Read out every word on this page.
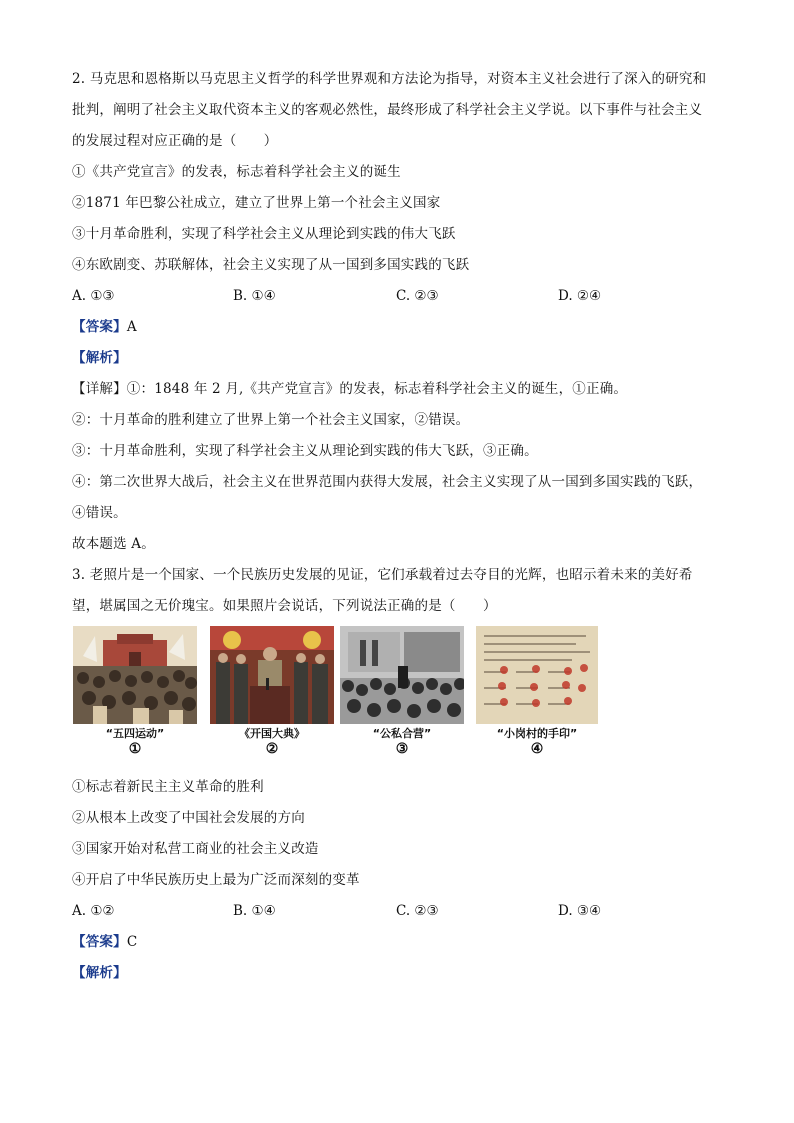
2. 马克思和恩格斯以马克思主义哲学的科学世界观和方法论为指导，对资本主义社会进行了深入的研究和
批判，阐明了社会主义取代资本主义的客观必然性，最终形成了科学社会主义学说。以下事件与社会主义
的发展过程对应正确的是（　　）
①《共产党宣言》的发表，标志着科学社会主义的诞生
②1871 年巴黎公社成立，建立了世界上第一个社会主义国家
③十月革命胜利，实现了科学社会主义从理论到实践的伟大飞跃
④东欧剧变、苏联解体，社会主义实现了从一国到多国实践的飞跃
A. ①③	B. ①④	C. ②③	D. ②④
【答案】A
【解析】
【详解】①：1848 年 2 月,《共产党宣言》的发表，标志着科学社会主义的诞生，①正确。
②：十月革命的胜利建立了世界上第一个社会主义国家，②错误。
③：十月革命胜利，实现了科学社会主义从理论到实践的伟大飞跃，③正确。
④：第二次世界大战后，社会主义在世界范围内获得大发展，社会主义实现了从一国到多国实践的飞跃，
④错误。
故本题选 A。
3. 老照片是一个国家、一个民族历史发展的见证，它们承载着过去夺目的光辉，也昭示着未来的美好希
望，堪属国之无价瑰宝。如果照片会说话，下列说法正确的是（　　）
“五四运动”
①
《开国大典》
②
“公私合营”
③
“小岗村的手印”
④
①标志着新民主主义革命的胜利
②从根本上改变了中国社会发展的方向
③国家开始对私营工商业的社会主义改造
④开启了中华民族历史上最为广泛而深刻的变革
A. ①②	B. ①④	C. ②③	D. ③④
【答案】C
【解析】
